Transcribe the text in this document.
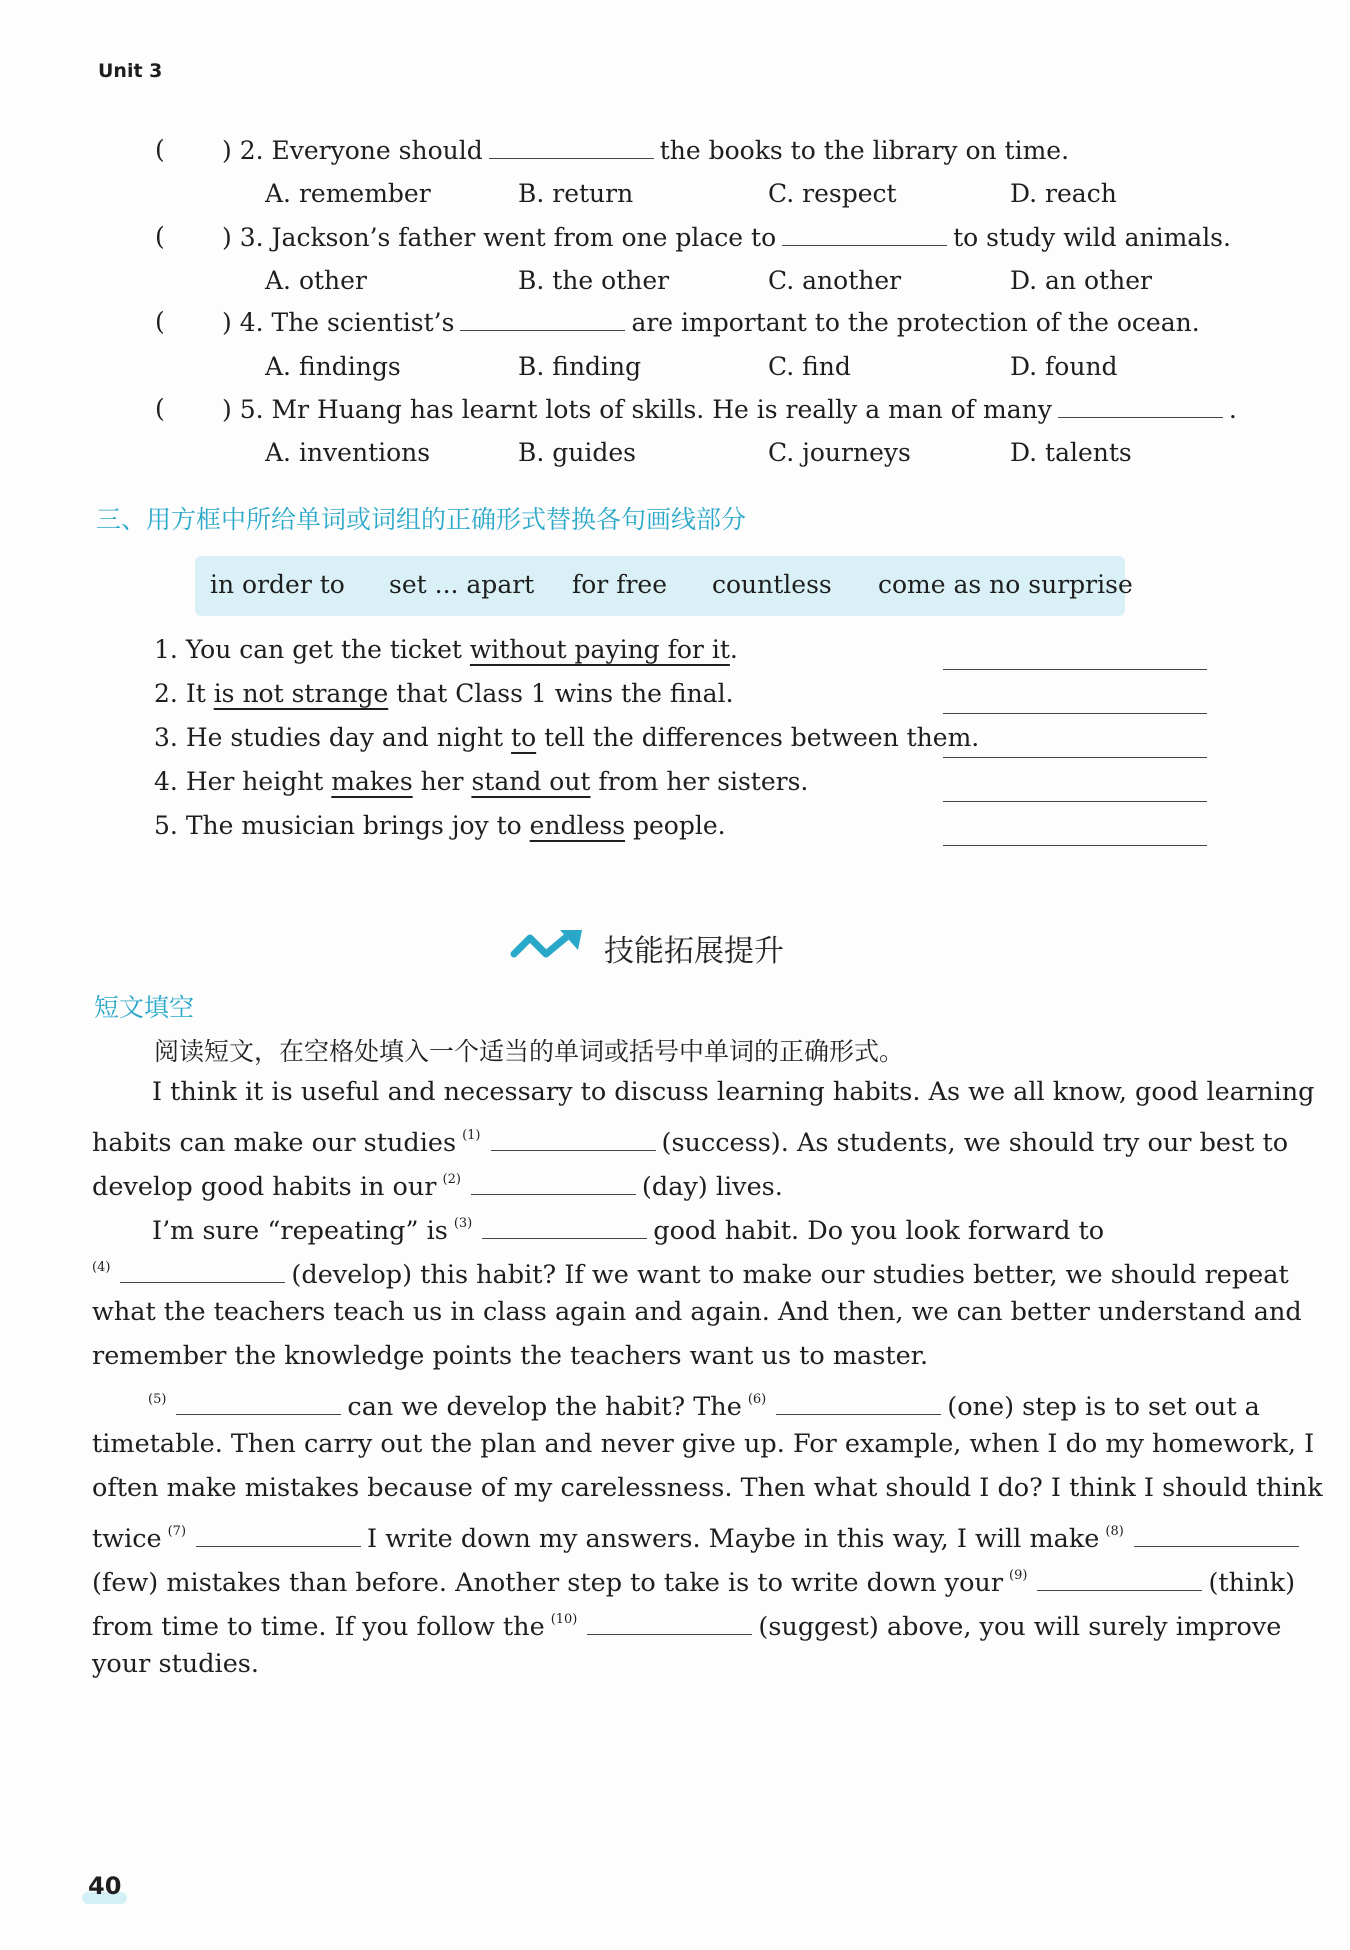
Unit 3
( ) 2. Everyone should	the books to the library on time.
A. remember	B. return	C. respect	D. reach
( ) 3. Jackson’s father went from one place to	to study wild animals.
A. other	B. the other	C. another	D. an other
( ) 4. The scientist’s	are important to the protection of the ocean.
A. findings	B. finding	C. find	D. found
( ) 5. Mr Huang has learnt lots of skills. He is really a man of many	.
A. inventions	B. guides	C. journeys	D. talents
三、用方框中所给单词或词组的正确形式替换各句画线部分
in order to set ... apart for free countless come as no surprise
1. You can get the ticket without paying for it.
2. It is not strange that Class 1 wins the final.
3. He studies day and night to tell the differences between them.
4. Her height makes her stand out from her sisters.
5. The musician brings joy to endless people.
技能拓展提升
短文填空
阅读短文，在空格处填入一个适当的单词或括号中单词的正确形式。
I think it is useful and necessary to discuss learning habits. As we all know, good learning
habits can make our studies $^{(1)}$	(success). As students, we should try our best to
develop good habits in our $^{(2)}$	(day) lives.
I’m sure “repeating” is $^{(3)}$	good habit. Do you look forward to
$^{(4)}$	(develop) this habit? If we want to make our studies better, we should repeat
what the teachers teach us in class again and again. And then, we can better understand and
remember the knowledge points the teachers want us to master.
$^{(5)}$	can we develop the habit? The $^{(6)}$	(one) step is to set out a
timetable. Then carry out the plan and never give up. For example, when I do my homework, I
often make mistakes because of my carelessness. Then what should I do? I think I should think
twice $^{(7)}$	I write down my answers. Maybe in this way, I will make $^{(8)}$
(few) mistakes than before. Another step to take is to write down your $^{(9)}$	(think)
from time to time. If you follow the $^{(10)}$	(suggest) above, you will surely improve
your studies.
40
